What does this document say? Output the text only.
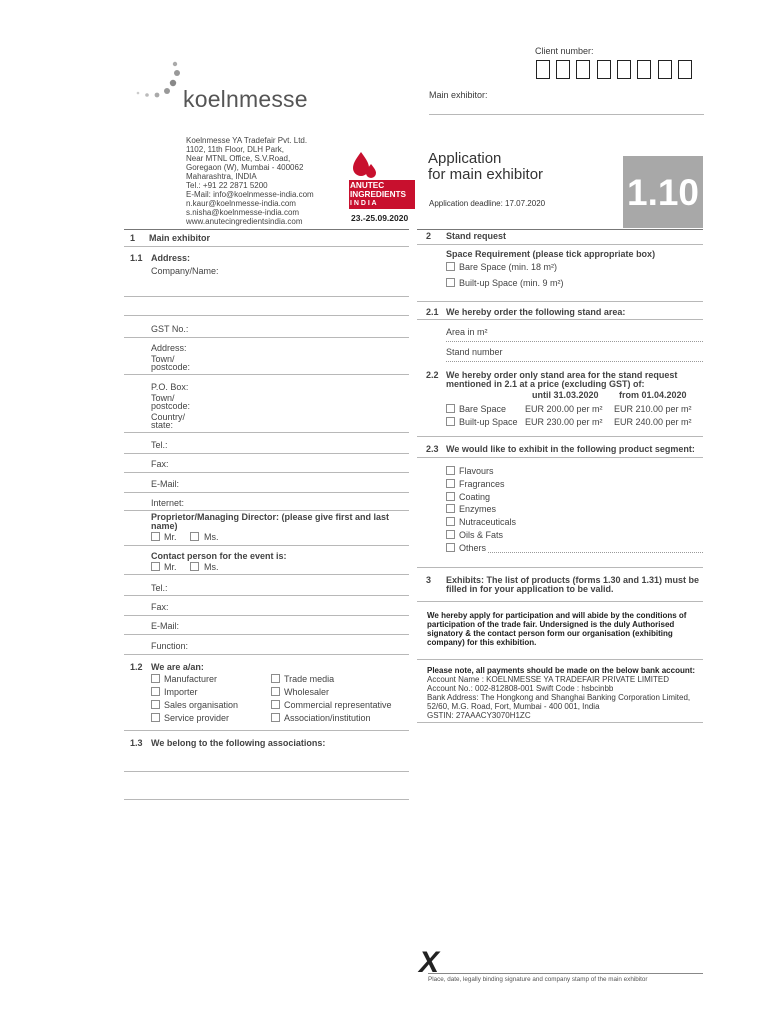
Client number:
Main exhibitor:
koelnmesse
Koelnmesse YA Tradefair Pvt. Ltd.
1102, 11th Floor, DLH Park,
Near MTNL Office, S.V.Road,
Goregaon (W), Mumbai - 400062
Maharashtra, INDIA
Tel.: +91 22 2871 5200
E-Mail: info@koelnmesse-india.com
n.kaur@koelnmesse-india.com
s.nisha@koelnmesse-india.com
www.anutecingredientsindia.com
ANUTEC
INGREDIENTS
I N D I A
23.-25.09.2020
Application
for main exhibitor
Application deadline: 17.07.2020 1.10
1 Main exhibitor
1.1 Address:
Company/Name:
GST No.:
Address:
Town/
postcode:
P.O. Box:
Town/
postcode:
Country/
state:
Tel.:
Fax:
E-Mail:
Internet:
Proprietor/Managing Director: (please give first and last
name)
Mr.	Ms.
Contact person for the event is:
Mr.	Ms.
Tel.:
Fax:
E-Mail:
Function:
1.2 We are a/an:
Manufacturer
Importer
Sales organisation
Service provider
Trade media
Wholesaler
Commercial representative
Association/institution
1.3 We belong to the following associations:
2 Stand request
Space Requirement (please tick appropriate box)
Bare Space (min. 18 m²)
Built-up Space (min. 9 m²)
2.1 We hereby order the following stand area:
Area in m²
Stand number
2.2 We hereby order only stand area for the stand request
mentioned in 2.1 at a price (excluding GST) of:
until 31.03.2020 from 01.04.2020
Bare Space EUR 200.00 per m² EUR 210.00 per m²
Built-up Space EUR 230.00 per m² EUR 240.00 per m²
2.3 We would like to exhibit in the following product segment:
Flavours
Fragrances
Coating
Enzymes
Nutraceuticals
Oils & Fats
Others
3 Exhibits: The list of products (forms 1.30 and 1.31) must be
filled in for your application to be valid.
We hereby apply for participation and will abide by the conditions of
participation of the trade fair. Undersigned is the duly Authorised
signatory & the contact person form our organisation (exhibiting
company) for this exhibition.
Please note, all payments should be made on the below bank account:
Account Name : KOELNMESSE YA TRADEFAIR PRIVATE LIMITED
Account No.: 002-812808-001 Swift Code : hsbcinbb
Bank Address: The Hongkong and Shanghai Banking Corporation Limited,
52/60, M.G. Road, Fort, Mumbai - 400 001, India
GSTIN: 27AAACY3070H1ZC
X
Place, date, legally binding signature and company stamp of the main exhibitor
